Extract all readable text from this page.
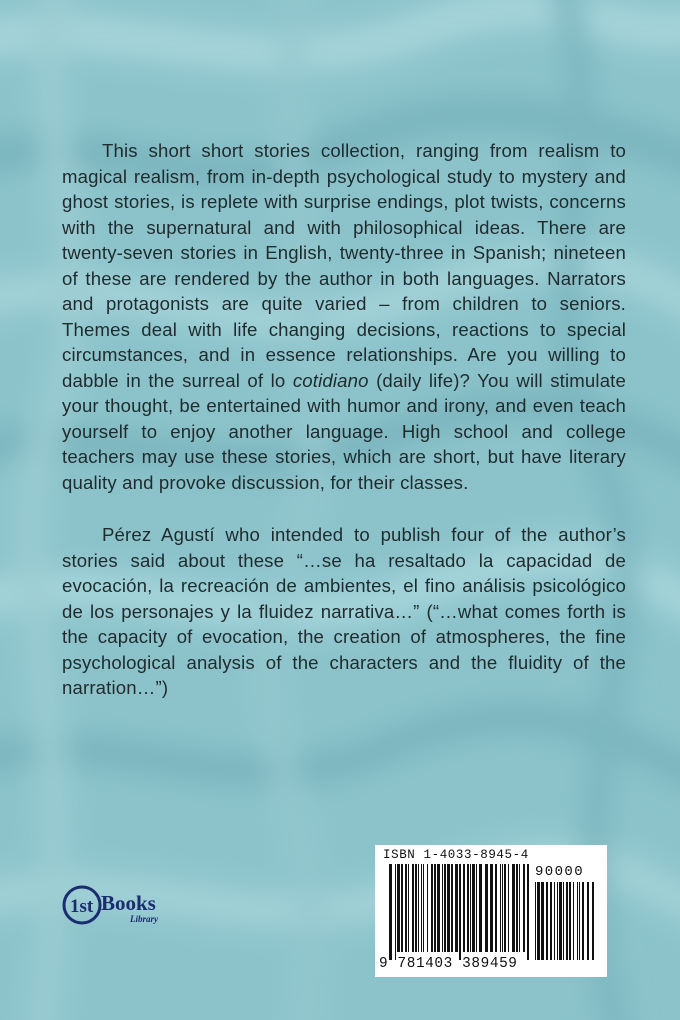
This short short stories collection, ranging from realism to magical realism, from in-depth psychological study to mystery and ghost stories, is replete with surprise endings, plot twists, concerns with the supernatural and with philosophical ideas. There are twenty-seven stories in English, twenty-three in Spanish; nineteen of these are rendered by the author in both languages. Narrators and protagonists are quite varied – from children to seniors. Themes deal with life changing decisions, reactions to special circumstances, and in essence relationships. Are you willing to dabble in the surreal of lo cotidiano (daily life)? You will stimulate your thought, be entertained with humor and irony, and even teach yourself to enjoy another language. High school and college teachers may use these stories, which are short, but have literary quality and provoke discussion, for their classes.

Pérez Agustí who intended to publish four of the author’s stories said about these “…se ha resaltado la capacidad de evocación, la recreación de ambientes, el fino análisis psicológico de los personajes y la fluidez narrativa…” (“…what comes forth is the capacity of evocation, the creation of atmospheres, the fine psychological analysis of the characters and the fluidity of the narration…”)

1st Books
Library
ISBN 1-4033-8945-4
90000
9 781403 389459
